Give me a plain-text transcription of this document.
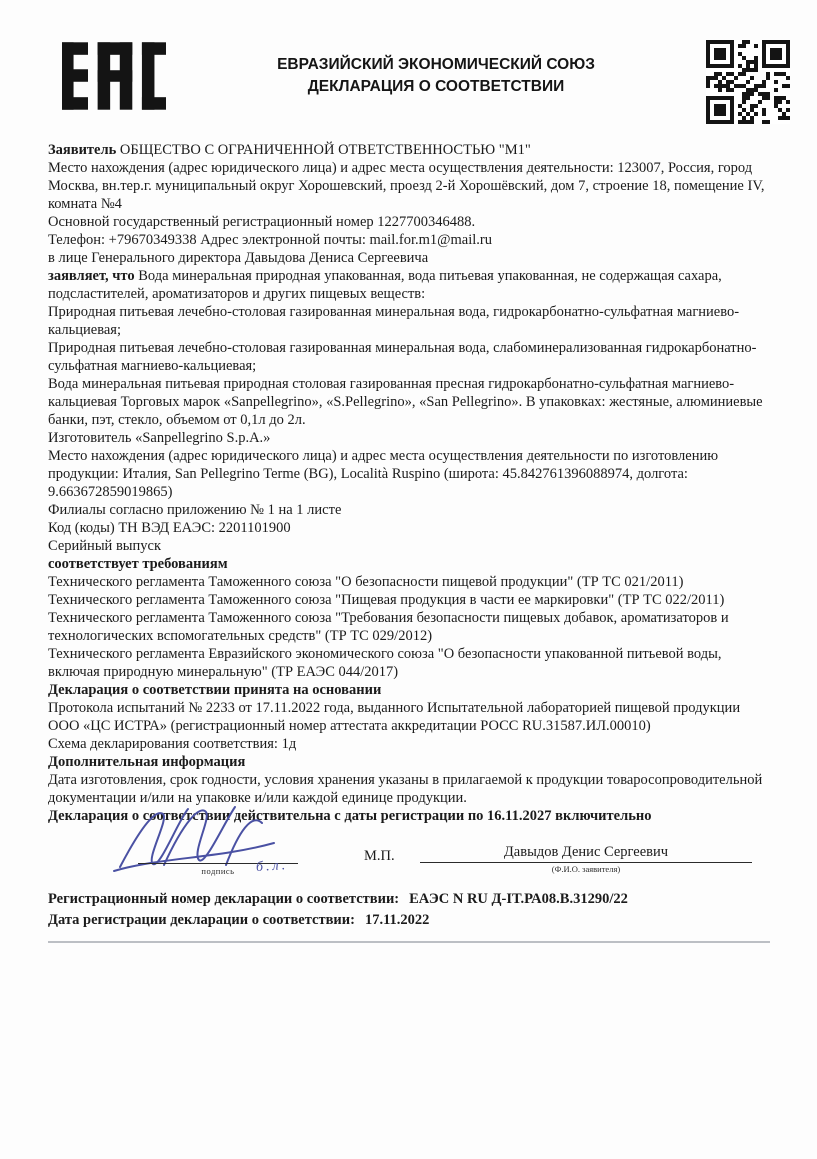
ЕВРАЗИЙСКИЙ ЭКОНОМИЧЕСКИЙ СОЮЗ
ДЕКЛАРАЦИЯ О СООТВЕТСТВИИ
Заявитель ОБЩЕСТВО С ОГРАНИЧЕННОЙ ОТВЕТСТВЕННОСТЬЮ "М1"
Место нахождения (адрес юридического лица) и адрес места осуществления деятельности: 123007, Россия, город Москва, вн.тер.г. муниципальный округ Хорошевский, проезд 2-й Хорошёвский, дом 7, строение 18, помещение IV, комната №4
Основной государственный регистрационный номер 1227700346488.
Телефон: +79670349338 Адрес электронной почты: mail.for.m1@mail.ru
в лице Генерального директора Давыдова Дениса Сергеевича
заявляет, что Вода минеральная природная упакованная, вода питьевая упакованная, не содержащая сахара, подсластителей, ароматизаторов и других пищевых веществ:
Природная питьевая лечебно-столовая газированная минеральная вода, гидрокарбонатно-сульфатная магниево-кальциевая;
Природная питьевая лечебно-столовая газированная минеральная вода, слабоминерализованная гидрокарбонатно-сульфатная магниево-кальциевая;
Вода минеральная питьевая природная столовая газированная пресная гидрокарбонатно-сульфатная магниево-кальциевая Торговых марок «Sanpellegrino», «S.Pellegrino», «San Pellegrino». В упаковках: жестяные, алюминиевые банки, пэт, стекло, объемом от 0,1л до 2л.
Изготовитель «Sanpellegrino S.p.A.»
Место нахождения (адрес юридического лица) и адрес места осуществления деятельности по изготовлению продукции: Италия, San Pellegrino Terme (BG), Località Ruspino (широта: 45.842761396088974, долгота: 9.663672859019865)
Филиалы согласно приложению № 1 на 1 листе
Код (коды) ТН ВЭД ЕАЭС: 2201101900
Серийный выпуск
соответствует требованиям
Технического регламента Таможенного союза "О безопасности пищевой продукции" (ТР ТС 021/2011)
Технического регламента Таможенного союза "Пищевая продукция в части ее маркировки" (ТР ТС 022/2011)
Технического регламента Таможенного союза "Требования безопасности пищевых добавок, ароматизаторов и технологических вспомогательных средств" (ТР ТС 029/2012)
Технического регламента Евразийского экономического союза "О безопасности упакованной питьевой воды, включая природную минеральную" (ТР ЕАЭС 044/2017)
Декларация о соответствии принята на основании
Протокола испытаний № 2233 от 17.11.2022 года, выданного Испытательной лабораторией пищевой продукции ООО «ЦС ИСТРА» (регистрационный номер аттестата аккредитации РОСС RU.31587.ИЛ.00010)
Схема декларирования соответствия: 1д
Дополнительная информация
Дата изготовления, срок годности, условия хранения указаны в прилагаемой к продукции товаросопроводительной документации и/или на упаковке и/или каждой единице продукции.
Декларация о соответствии действительна с даты регистрации по 16.11.2027 включительно
подпись	б.л.
М.П.	Давыдов Денис Сергеевич
(Ф.И.О. заявителя)
Регистрационный номер декларации о соответствии: ЕАЭС N RU Д-IT.РА08.В.31290/22
Дата регистрации декларации о соответствии: 17.11.2022
